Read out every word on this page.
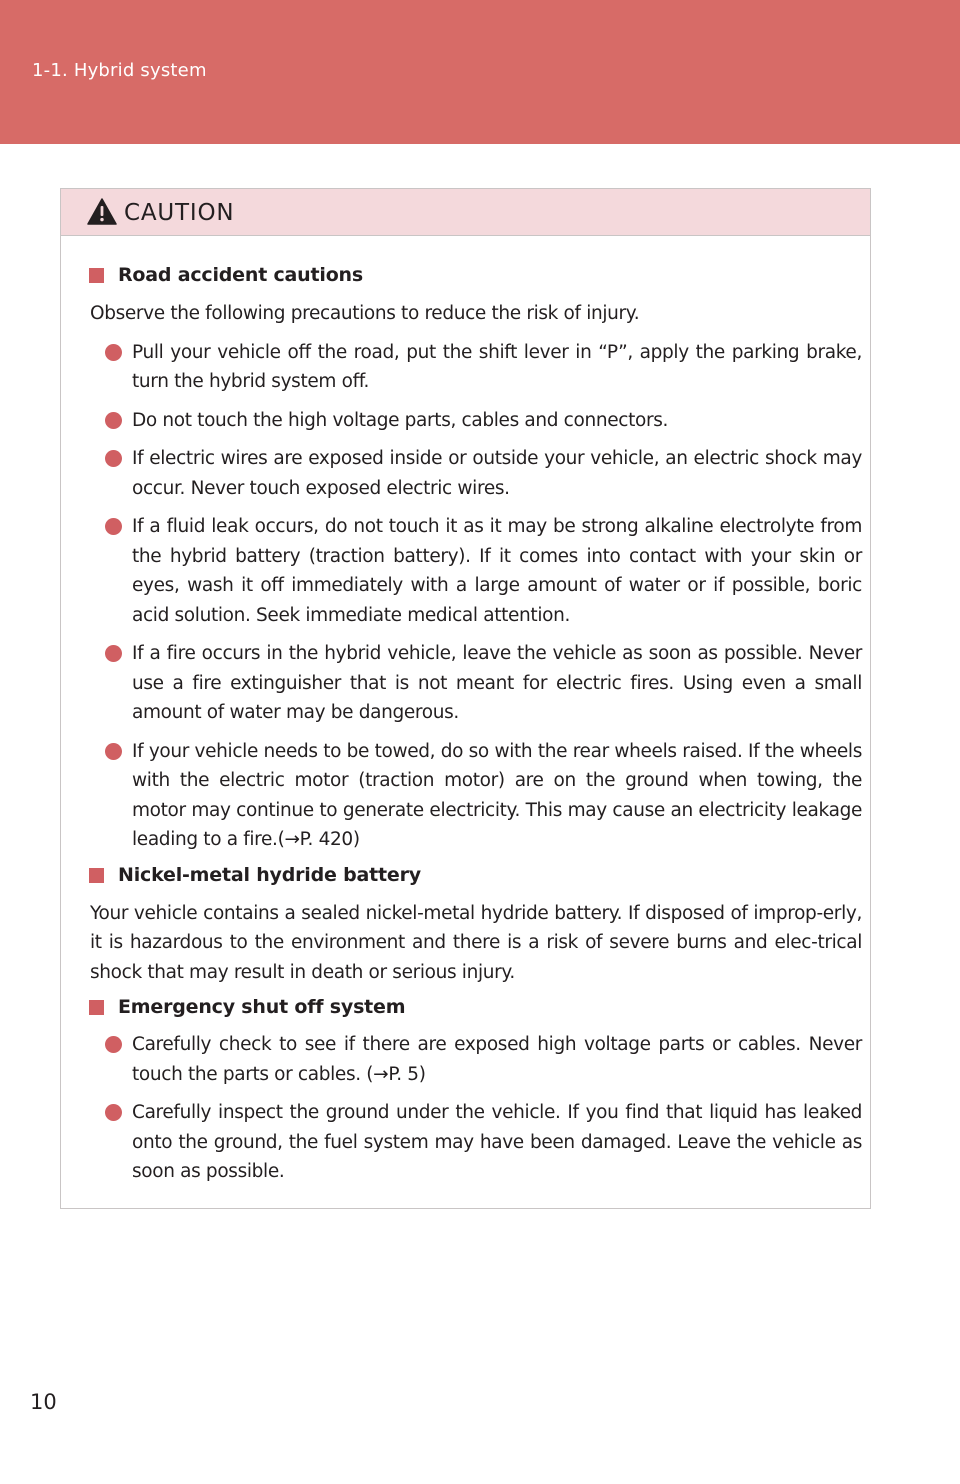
1-1. Hybrid system
CAUTION
Road accident cautions
Observe the following precautions to reduce the risk of injury.
Pull your vehicle off the road, put the shift lever in “P”, apply the parking brake, turn the hybrid system off.
Do not touch the high voltage parts, cables and connectors.
If electric wires are exposed inside or outside your vehicle, an electric shock may occur. Never touch exposed electric wires.
If a fluid leak occurs, do not touch it as it may be strong alkaline electrolyte from the hybrid battery (traction battery). If it comes into contact with your skin or eyes, wash it off immediately with a large amount of water or if possible, boric acid solution. Seek immediate medical attention.
If a fire occurs in the hybrid vehicle, leave the vehicle as soon as possible. Never use a fire extinguisher that is not meant for electric fires. Using even a small amount of water may be dangerous.
If your vehicle needs to be towed, do so with the rear wheels raised. If the wheels with the electric motor (traction motor) are on the ground when towing, the motor may continue to generate electricity. This may cause an electricity leakage leading to a fire.(→P. 420)
Nickel-metal hydride battery
Your vehicle contains a sealed nickel-metal hydride battery. If disposed of improp-erly, it is hazardous to the environment and there is a risk of severe burns and elec-trical shock that may result in death or serious injury.
Emergency shut off system
Carefully check to see if there are exposed high voltage parts or cables. Never touch the parts or cables. (→P. 5)
Carefully inspect the ground under the vehicle. If you find that liquid has leaked onto the ground, the fuel system may have been damaged. Leave the vehicle as soon as possible.
10
